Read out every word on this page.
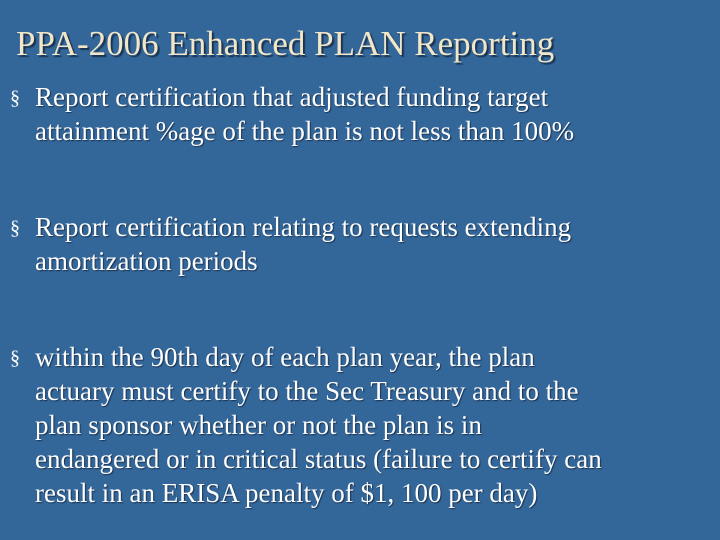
PPA-2006 Enhanced PLAN Reporting
§ Report certification that adjusted funding target
attainment %age of the plan is not less than 100%
§ Report certification relating to requests extending
amortization periods
§ within the 90th day of each plan year, the plan
actuary must certify to the Sec Treasury and to the
plan sponsor whether or not the plan is in
endangered or in critical status (failure to certify can
result in an ERISA penalty of $1, 100 per day)
